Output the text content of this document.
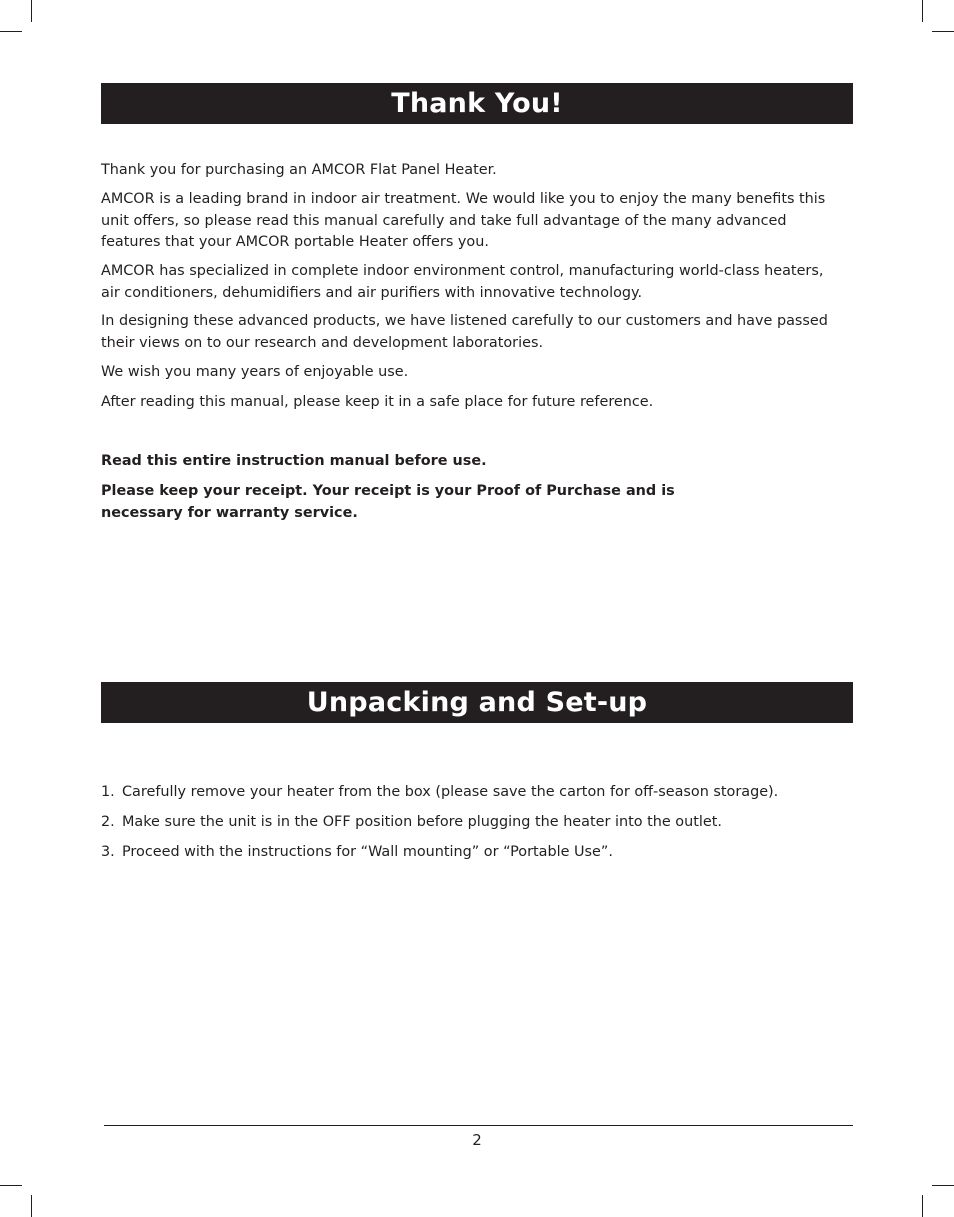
Thank You!

Thank you for purchasing an AMCOR Flat Panel Heater.

AMCOR is a leading brand in indoor air treatment. We would like you to enjoy the many benefits this unit offers, so please read this manual carefully and take full advantage of the many advanced features that your AMCOR portable Heater offers you.

AMCOR has specialized in complete indoor environment control, manufacturing world-class heaters, air conditioners, dehumidifiers and air purifiers with innovative technology.

In designing these advanced products, we have listened carefully to our customers and have passed their views on to our research and development laboratories.

We wish you many years of enjoyable use.

After reading this manual, please keep it in a safe place for future reference.

Read this entire instruction manual before use.

Please keep your receipt. Your receipt is your Proof of Purchase and is necessary for warranty service.

Unpacking and Set-up
1. Carefully remove your heater from the box (please save the carton for off-season storage).
2. Make sure the unit is in the OFF position before plugging the heater into the outlet.
3. Proceed with the instructions for “Wall mounting” or “Portable Use”.
2
